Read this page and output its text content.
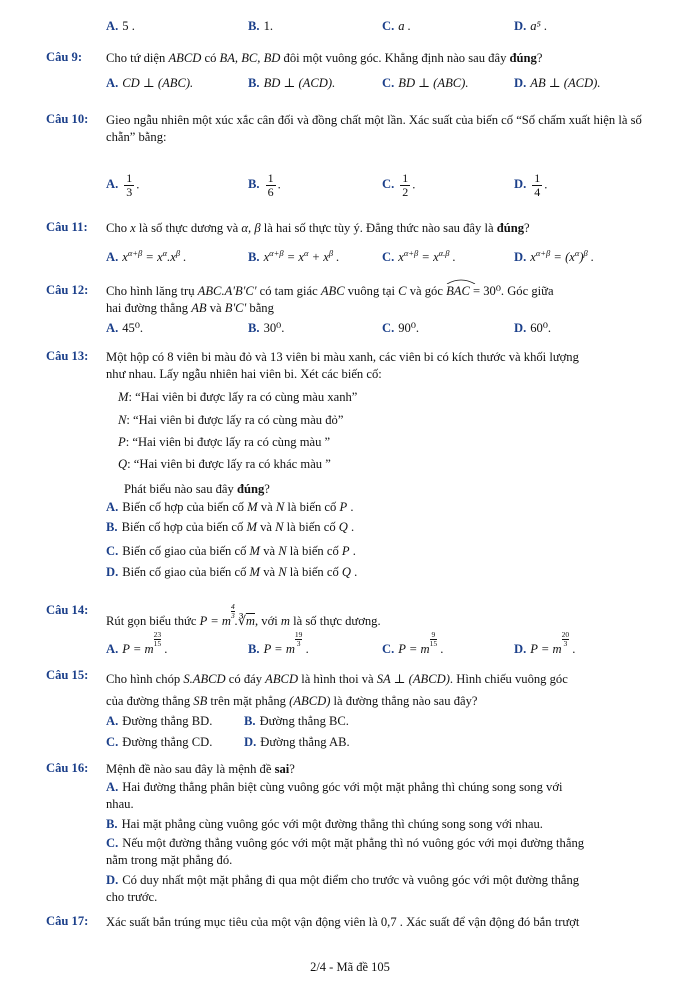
A. 5 .	B. 1.	C. a .	D. a⁵ .
Câu 9: Cho tứ diện ABCD có BA, BC, BD đôi một vuông góc. Khẳng định nào sau đây đúng?
A. CD ⊥ (ABC).	B. BD ⊥ (ACD).	C. BD ⊥ (ABC).	D. AB ⊥ (ACD).
Câu 10: Gieo ngẫu nhiên một xúc xắc cân đối và đồng chất một lần. Xác suất của biến cố “Số chấm xuất hiện là số chẵn” bằng:
A. $\frac{1}{3}$ .	B. $\frac{1}{6}$ .	C. $\frac{1}{2}$ .	D. $\frac{1}{4}$ .
Câu 11: Cho x là số thực dương và α, β là hai số thực tùy ý. Đẳng thức nào sau đây là đúng?
A. $x^{\alpha+\beta} = x^\alpha.x^\beta$ .	B. $x^{\alpha+\beta} = x^\alpha + x^\beta$ .	C. $x^{\alpha+\beta} = x^{\alpha.\beta}$ .	D. $x^{\alpha+\beta} = (x^\alpha)^\beta$ .
Câu 12: Cho hình lăng trụ ABC.A'B'C' có tam giác ABC vuông tại C và góc
BAC = 30⁰. Góc giữa
hai đường thẳng AB và B'C' bằng
A. 45⁰.	B. 30⁰.	C. 90⁰.	D. 60⁰.
Câu 13: Một hộp có 8 viên bi màu đỏ và 13 viên bi màu xanh, các viên bi có kích thước và khối lượng
như nhau. Lấy ngẫu nhiên hai viên bi. Xét các biến cố:
M: “Hai viên bi được lấy ra có cùng màu xanh”
N: “Hai viên bi được lấy ra có cùng màu đỏ”
P: “Hai viên bi được lấy ra có cùng màu ”
Q: “Hai viên bi được lấy ra có khác màu ”
Phát biểu nào sau đây đúng?
A. Biến cố hợp của biến cố M và N là biến cố P .
B. Biến cố hợp của biến cố M và N là biến cố Q .
C. Biến cố giao của biến cố M và N là biến cố P .
D. Biến cố giao của biến cố M và N là biến cố Q .
Câu 14:
Rút gọn biểu thức P = m
$\frac{4}{3}$
$.∛\overline{m}$, với m là số thực dương.
A. P = m
$\frac{23}{15}$
.	B. P = m
$\frac{19}{3}$
.	C. P = m
$\frac{9}{15}$
.	D. P = m
$\frac{20}{3}$
.
Câu 15: Cho hình chóp S.ABCD có đáy ABCD là hình thoi và SA ⊥ (ABCD). Hình chiếu vuông góc
của đường thẳng SB trên mặt phẳng (ABCD) là đường thẳng nào sau đây?
A. Đường thẳng BD.	B. Đường thẳng BC.
C. Đường thẳng CD.	D. Đường thẳng AB.
Câu 16: Mệnh đề nào sau đây là mệnh đề sai?
A. Hai đường thẳng phân biệt cùng vuông góc với một mặt phẳng thì chúng song song với
nhau.
B. Hai mặt phẳng cùng vuông góc với một đường thẳng thì chúng song song với nhau.
C. Nếu một đường thẳng vuông góc với một mặt phẳng thì nó vuông góc với mọi đường thẳng
nằm trong mặt phẳng đó.
D. Có duy nhất một mặt phẳng đi qua một điểm cho trước và vuông góc với một đường thẳng
cho trước.
Câu 17: Xác suất bắn trúng mục tiêu của một vận động viên là 0,7 . Xác suất để vận động đó bắn trượt
2/4 - Mã đề 105
